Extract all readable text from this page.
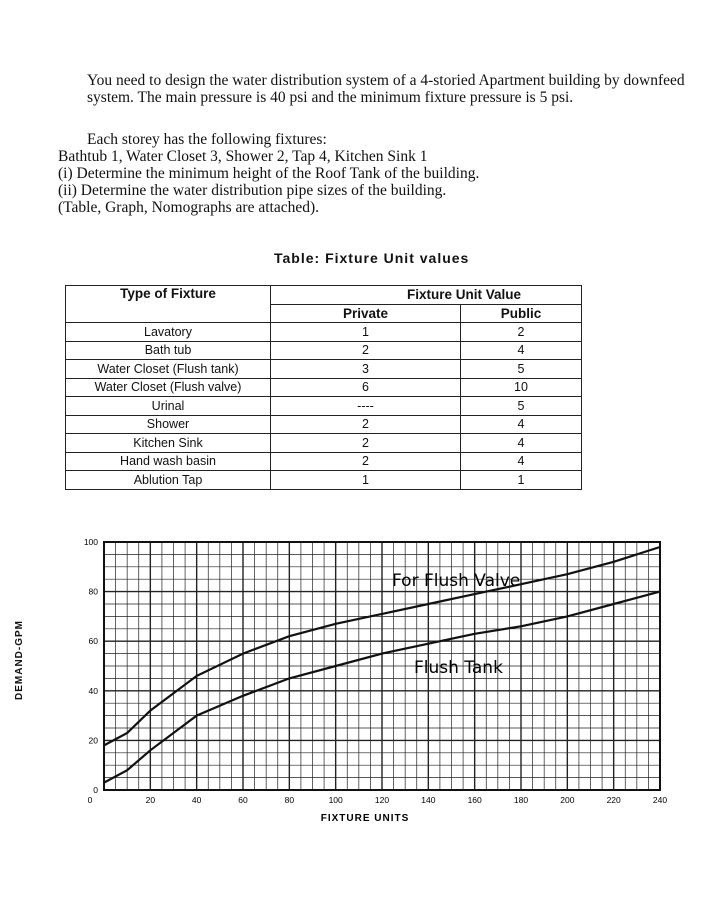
You need to design the water distribution system of a 4-storied Apartment building by downfeed system. The main pressure is 40 psi and the minimum fixture pressure is 5 psi.
Each storey has the following fixtures:
Bathtub 1, Water Closet 3, Shower 2, Tap 4, Kitchen Sink 1
(i) Determine the minimum height of the Roof Tank of the building.
(ii) Determine the water distribution pipe sizes of the building.
(Table, Graph, Nomographs are attached).
Table: Fixture Unit values
Type of Fixture		Fixture Unit Value	
	Private		Public
Lavatory	1		2
Bath tub	2		4
Water Closet (Flush tank)	3		5
Water Closet (Flush valve)	6		10
Urinal	----		5
Shower	2		4
Kitchen Sink	2		4
Hand wash basin	2		4
Ablution Tap	1		1
0	20	40	60	80	100	120	140	160	180	200	220	240
0
20
40
60
80
100
FIXTURE UNITS
For Flush Valve
Flush Tank
DEMAND-GPM
